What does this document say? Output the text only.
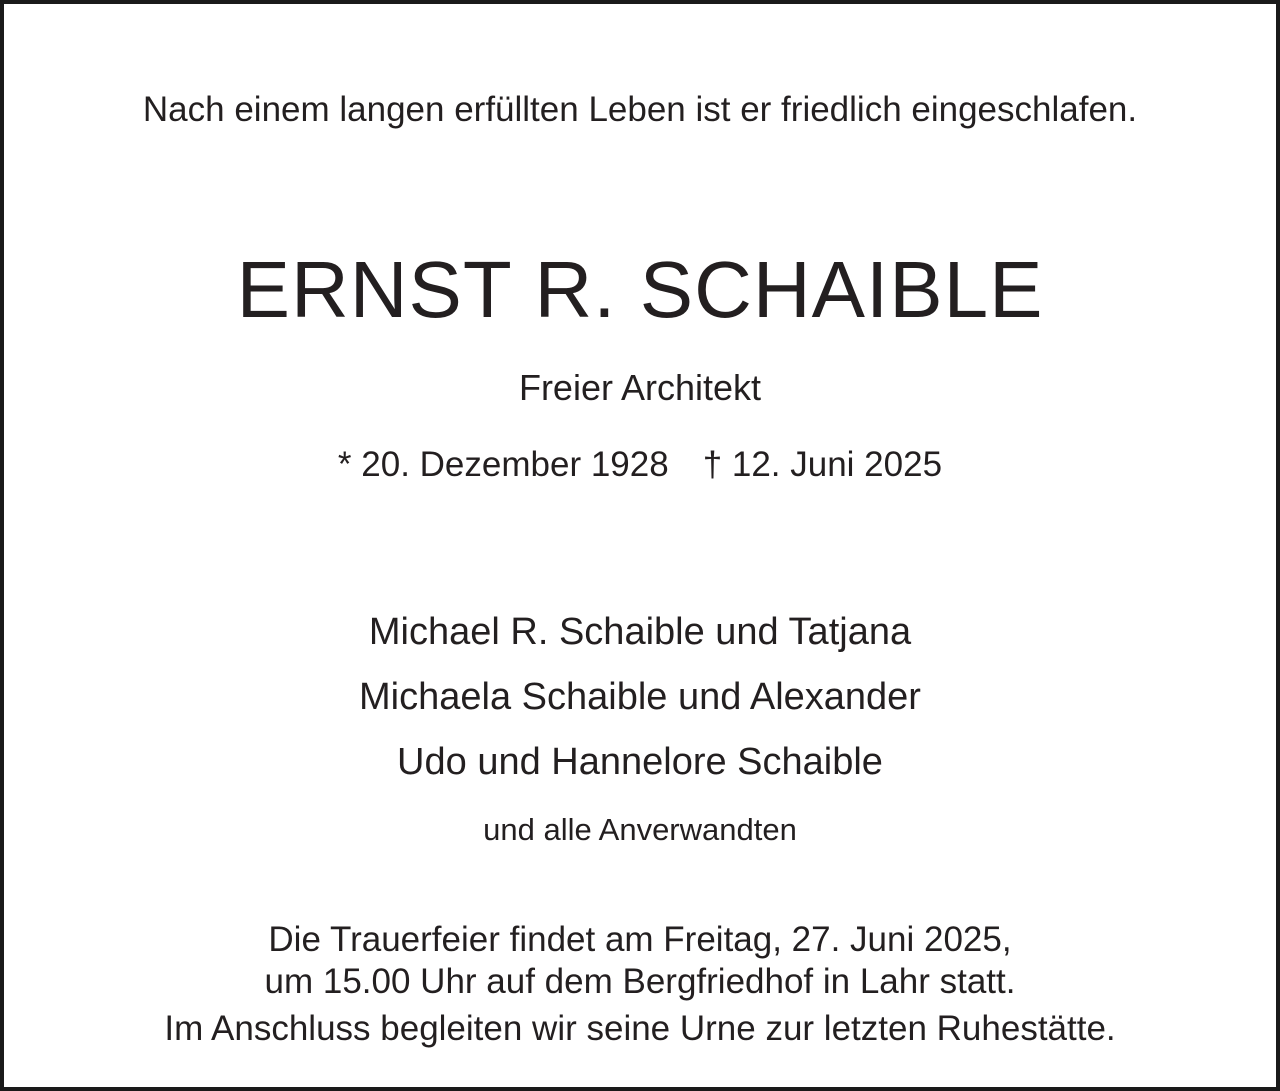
Nach einem langen erfüllten Leben ist er friedlich eingeschlafen.
ERNST R. SCHAIBLE
Freier Architekt
* 20. Dezember 1928 † 12. Juni 2025
Michael R. Schaible und Tatjana
Michaela Schaible und Alexander
Udo und Hannelore Schaible
und alle Anverwandten
Die Trauerfeier findet am Freitag, 27. Juni 2025,
um 15.00 Uhr auf dem Bergfriedhof in Lahr statt.
Im Anschluss begleiten wir seine Urne zur letzten Ruhestätte.
